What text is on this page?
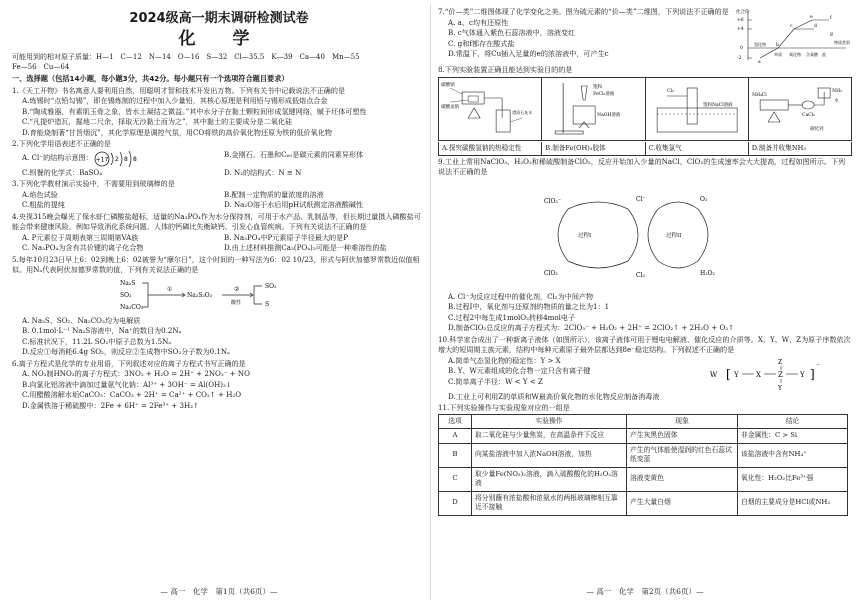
2024级高一期末调研检测试卷
化　学
可能用到的相对原子质量：H—1　C—12　N—14　O—16　S—32　Cl—35.5　K—39　Ca—40　Mn—55
Fe—56　Cu—64
一、选择题（包括14小题，每小题3分，共42分。每小题只有一个选项符合题目要求）
1.《天工开物》书名寓意人要利用自然，用聪明才智和技术开发出万物。下列有关书中记载说法不正确的是
A.炼锡时“点铅勾锡”，即在锡炼制的过程中加入少量铅，其核心原理是利用铅与锡形成低熔点合金
B.“陶成雅器，有素肌玉骨之象，皆水土凝结之微益。”其中水分子在黏土颗粒间形成氢键网络，赋予坯体可塑性
C.“凡提炉造瓦，掘地二尺余，择取无沙黏土而为之”，其中黏土的主要成分是二氧化硅
D.育能烧制著“甘旨烟沉”，其化学原理是调控气氛，用CO将铁的高价氧化物还原为铁的低价氧化物
2.下列化学用语表述不正确的是
A. Cl⁻的结构示意图： +17 2 8 8
B.金刚石、石墨和C₆₀是碳元素的同素异形体
C.钡餐的化学式：BaSO₄	D. N₂的结构式：N ≡ N
3.下列化学教材演示实验中，不需要用到玻璃棒的是
A.焰色试验	B.配制一定物质的量浓度的溶液
C.粗盐的提纯	D. Na₂O溶于水后用pH试纸测定溶液酸碱性
4.央视315晚会曝光了保水虾仁磷酸盐超标，适量的Na₃PO₄作为水分保持剂，可用于水产品、乳制品等，但长期过量摄入磷酸盐可能会带来健康风险，例如导致消化系统问题、人体的钙磷比失衡缺钙、引发心血管疾病。下列有关说法不正确的是
A. P元素位于周期表第三周期第VA族	B. Na₃PO₄中P元素原子半径最大的是P
C. Na₃PO₄为含有共价键的离子化合物	D.由上述材料推测Ca₃(PO₄)₂可能是一种难溶性的盐
5.每年10月23日早上6：02到晚上6：02被誉为“摩尔日”，这个时间的一种写法为6：02 10/23，形式与阿伏加德罗常数近似值相似。用Nₐ代表阿伏加德罗常数的值，下列有关说法正确的是
Na₂S
SO₂
Na₂CO₃
①
Na₂S₂O₃
②
酸性
SO₂
S
A. Na₂S、SO₂、Na₂CO₃均为电解质
B. 0.1mol·L⁻¹ Na₂S溶液中，Na⁺的数目为0.2Nₐ
C.标准状况下，11.2L SO₂中原子总数为1.5Nₐ
D.反应①每消耗6.4g SO₂，则反应②生成物中SO₂分子数为0.1Nₐ
6.离子方程式是化学的专业用语，下列叙述对应的离子方程式书写正确的是
A. NO₂制HNO₃的离子方程式：3NO₂ + H₂O = 2H⁺ + 2NO₃⁻ + NO
B.向氯化铝溶液中滴加过量氨气化钠：Al³⁺ + 3OH⁻ = Al(OH)₃↓
C.用醋酸溶解水垢CaCO₃：CaCO₃ + 2H⁺ = Ca²⁺ + CO₂↑ + H₂O
D.金属铁溶于稀硫酸中：2Fe + 6H⁺ = 2Fe³⁺ + 3H₂↑
— 高一　化学　第1页（共6页）—
7.“价—类”二维图体现了化学变化之美。图为硫元素的“价—类”二维图，下列说法不正确的是
A. a、c均有还原性
B. c气体通入紫色石蕊溶液中，溶液变红
C. g和f都存在酸式盐
D.常温下，将Cu插入足量的e的浓溶液中，可产生c
化合价
+6
+4
0
-2
氢化物
单质 氧化物 含氧酸 盐
物质类别
a
b
c	d
e	f
g
8.下列实验装置正确且能达到实验目的的是
碳酸钠
碳酸氢钠
澄清石灰水
饱和
FeCl₃溶液
NaOH溶液
Cl₂
饱和NaCl溶液
NH₄Cl
CaCl₂
NH₃
水
碳化钙
A.探究碳酸氢钠的热稳定性	B.制备Fe(OH)₃胶体	C.收集氯气	D.制备并收集NH₃
9.工业上常用NaClO₃、H₂O₂和稀硫酸制备ClO₂，反应开始加入少量的NaCl，ClO₂的生成速率会大大提高，过程如图所示。下列说法不正确的是
ClO₃⁻	Cl⁻	O₂
过程I	过程II
ClO₂	Cl₂	H₂O₂
A. Cl⁻为反应过程中的催化剂，Cl₂为中间产物
B.过程I中，氧化剂与还原剂的物质的量之比为1：1
C.过程2中每生成1molO₂转移4mol电子
D.制备ClO₂总反应的离子方程式为：2ClO₃⁻ + H₂O₂ + 2H⁺ = 2ClO₂↑ + 2H₂O + O₂↑
10.科学家合成出了一种新离子液体（如图所示），该离子液体可用于锂电电解液、催化反应的介质等。X、Y、W、Z为原子序数依次增大的短周期主族元素，结构中每种元素原子最外层都达到8e⁻稳定结构。下列叙述不正确的是
A.简单气态氢化物的稳定性：Y > X
B. Y、W元素组成的化合物一定只含有离子键
C.简单离子半径：W < Y < Z
W [ Y X Z Y
Z
Y
]
⁻
D.工业上可利用Z的单质和W最高价氧化物的水化物反应制备消毒液
11.下列实验操作与实验现象对应的一组是
选项	实验操作	现象	结论
A	取二氧化硅与少量焦炭，在高温条件下反应	产生灰黑色固体	非金属性：C > Si
B	向某盐溶液中加入浓NaOH溶液，加热	产生的气体能使湿润的红色石蕊试纸变蓝	该盐溶液中含有NH₄⁺
C	取少量Fe(NO₃)₂溶液，滴入硫酸酸化的H₂O₂溶液	溶液变黄色	氧化性：H₂O₂比Fe³⁺强
D	将分别蘸有浓盐酸和浓氨水的两根玻璃棒相互靠近不接触	产生大量白烟	白烟的主要成分是HCl或NH₃
— 高一　化学　第2页（共6页）—
